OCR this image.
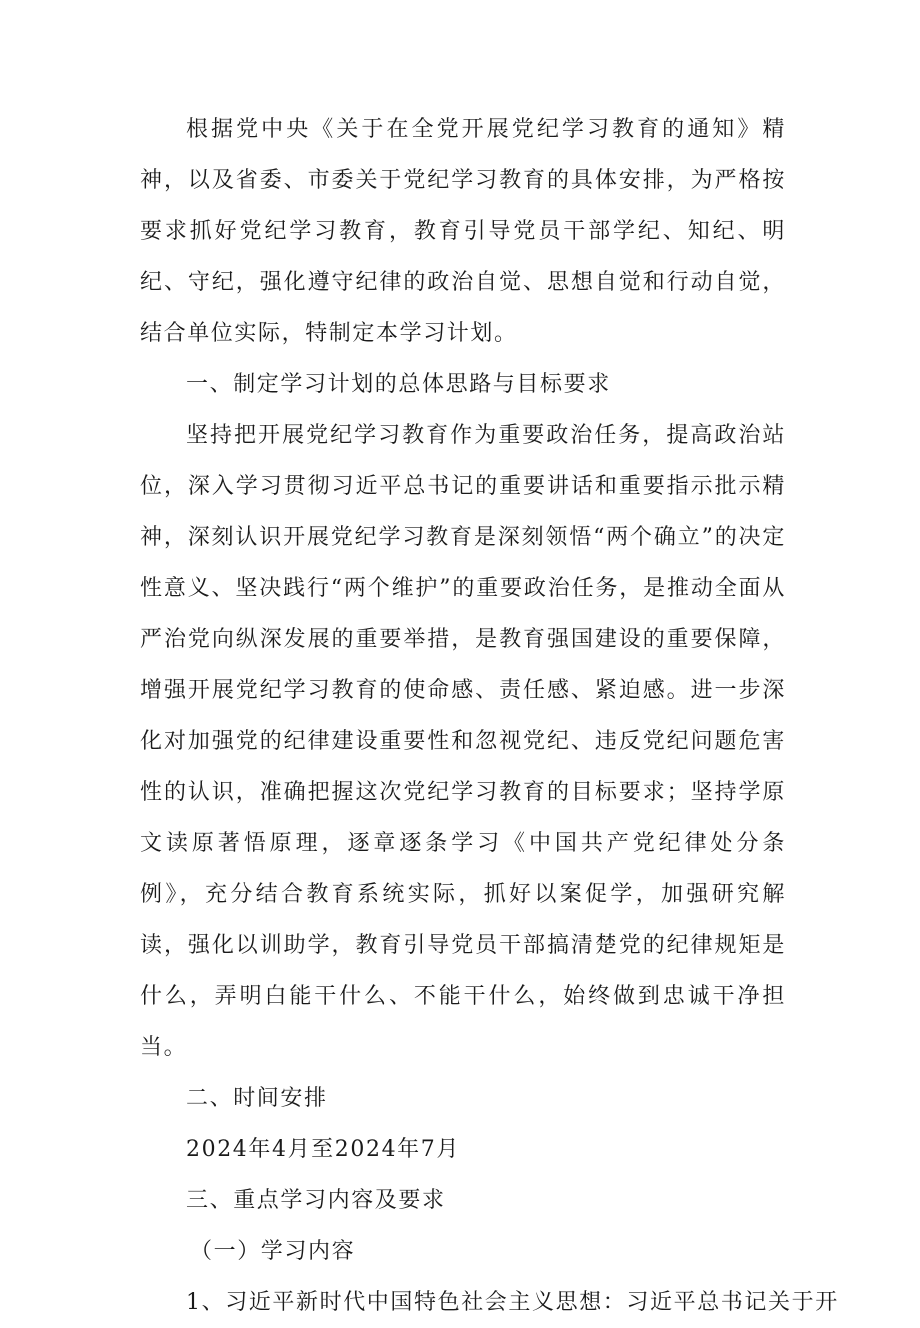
根据党中央《关于在全党开展党纪学习教育的通知》精神，以及省委、市委关于党纪学习教育的具体安排，为严格按要求抓好党纪学习教育，教育引导党员干部学纪、知纪、明纪、守纪，强化遵守纪律的政治自觉、思想自觉和行动自觉，结合单位实际，特制定本学习计划。

一、制定学习计划的总体思路与目标要求

坚持把开展党纪学习教育作为重要政治任务，提高政治站位，深入学习贯彻习近平总书记的重要讲话和重要指示批示精神，深刻认识开展党纪学习教育是深刻领悟“两个确立”的决定性意义、坚决践行“两个维护”的重要政治任务，是推动全面从严治党向纵深发展的重要举措，是教育强国建设的重要保障，增强开展党纪学习教育的使命感、责任感、紧迫感。进一步深化对加强党的纪律建设重要性和忽视党纪、违反党纪问题危害性的认识，准确把握这次党纪学习教育的目标要求；坚持学原文读原著悟原理，逐章逐条学习《中国共产党纪律处分条例》，充分结合教育系统实际，抓好以案促学，加强研究解读，强化以训助学，教育引导党员干部搞清楚党的纪律规矩是什么，弄明白能干什么、不能干什么，始终做到忠诚干净担当。

二、时间安排

2024年4月至2024年7月

三、重点学习内容及要求

（一）学习内容

1、习近平新时代中国特色社会主义思想：习近平总书记关于开
